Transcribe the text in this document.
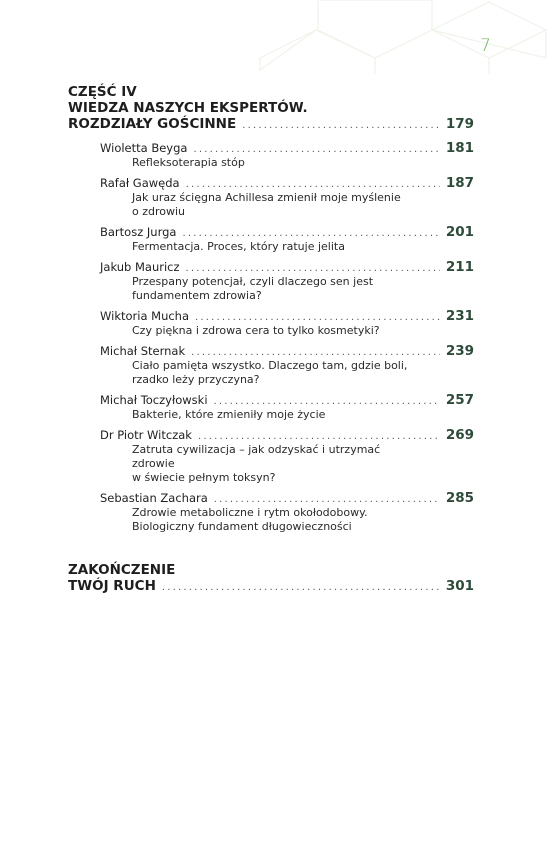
7
CZĘŚĆ IV
WIEDZA NASZYCH EKSPERTÓW.
ROZDZIAŁY GOŚCINNE .....	179
Wioletta Beyga .....	181
Refleksoterapia stóp
Rafał Gawęda .....	187
Jak uraz ścięgna Achillesa zmienił moje myślenie
o zdrowiu
Bartosz Jurga .....	201
Fermentacja. Proces, który ratuje jelita
Jakub Mauricz .....	211
Przespany potencjał, czyli dlaczego sen jest
fundamentem zdrowia?
Wiktoria Mucha .....	231
Czy piękna i zdrowa cera to tylko kosmetyki?
Michał Sternak .....	239
Ciało pamięta wszystko. Dlaczego tam, gdzie boli,
rzadko leży przyczyna?
Michał Toczyłowski .....	257
Bakterie, które zmieniły moje życie
Dr Piotr Witczak .....	269
Zatruta cywilizacja – jak odzyskać i utrzymać zdrowie
w świecie pełnym toksyn?
Sebastian Zachara .....	285
Zdrowie metaboliczne i rytm okołodobowy.
Biologiczny fundament długowieczności
ZAKOŃCZENIE
TWÓJ RUCH .....	301
